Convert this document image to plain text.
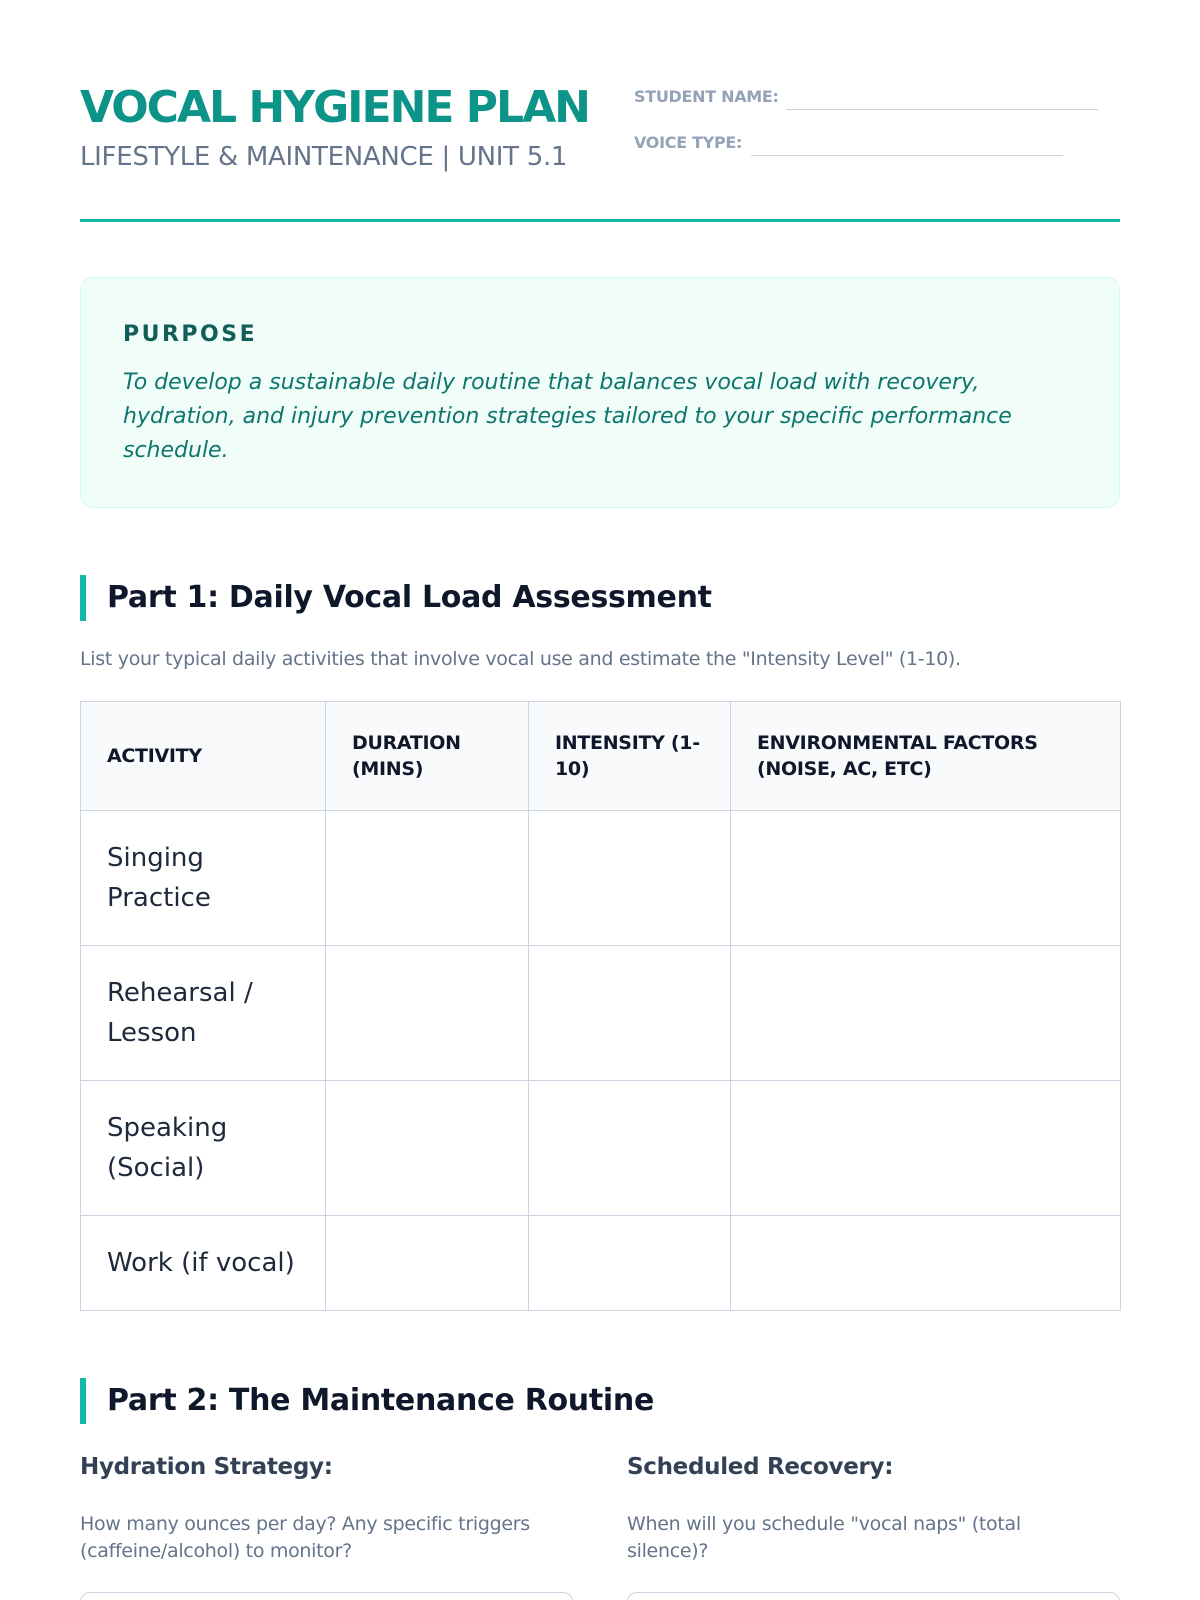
VOCAL HYGIENE PLAN
LIFESTYLE & MAINTENANCE | UNIT 5.1
STUDENT NAME:
VOICE TYPE:
PURPOSE
To develop a sustainable daily routine that balances vocal load with recovery, hydration, and injury prevention strategies tailored to your specific performance schedule.
Part 1: Daily Vocal Load Assessment
List your typical daily activities that involve vocal use and estimate the "Intensity Level" (1-10).
ACTIVITY	DURATION (MINS)	INTENSITY (1-10)	ENVIRONMENTAL FACTORS (NOISE, AC, ETC)
Singing Practice			
Rehearsal / Lesson			
Speaking (Social)			
Work (if vocal)			
Part 2: The Maintenance Routine
Hydration Strategy:
How many ounces per day? Any specific triggers (caffeine/alcohol) to monitor?
Scheduled Recovery:
When will you schedule "vocal naps" (total silence)?
